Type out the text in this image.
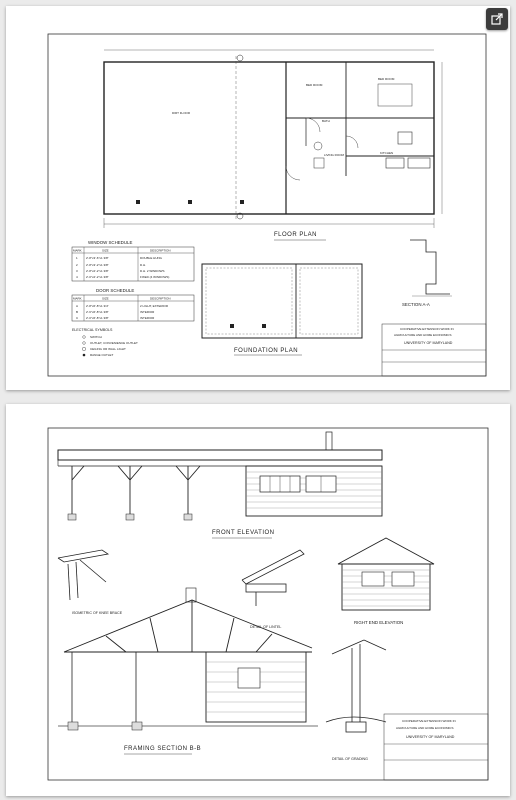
BED ROOM
BED ROOM
LIVING ROOM	KITCHEN
BATH
DIRT FLOOR
FLOOR PLAN
SECTION A-A
WINDOW SCHEDULE
MARK	SIZE	DESCRIPTION
1	2'-8"x3'-6"x1 3/8"	DOUBLE HUNG
2	2'-8"x3'-2"x1 3/8"	D.H.
3	2'-8"x2'-2"x1 3/8"	D.H. 2 WINDOWS
4	2'-0"x2'-2"x1 3/8"	FIXED (4 WINDOWS)
DOOR SCHEDULE
MARK	SIZE	DESCRIPTION
A	2'-8"x6'-8"x1 3/4"	2 LIGHT, EXTERIOR
B	2'-6"x6'-8"x1 3/8"	INTERIOR
C	2'-0"x6'-8"x1 3/8"	INTERIOR
ELECTRICAL SYMBOLS
SWITCH
OUTLET, CONVENIENCE OUTLET
CEILING OR WALL LIGHT
RANGE OUTLET
FOUNDATION PLAN
COOPERATIVE EXTENSION WORK IN
AGRICULTURE AND HOME ECONOMICS
UNIVERSITY OF MARYLAND
FRONT ELEVATION
RIGHT END ELEVATION
ISOMETRIC OF KNEE BRACE
DETAIL OF LINTEL
FRAMING SECTION B-B
DETAIL OF GRADING
COOPERATIVE EXTENSION WORK IN
AGRICULTURE AND HOME ECONOMICS
UNIVERSITY OF MARYLAND
